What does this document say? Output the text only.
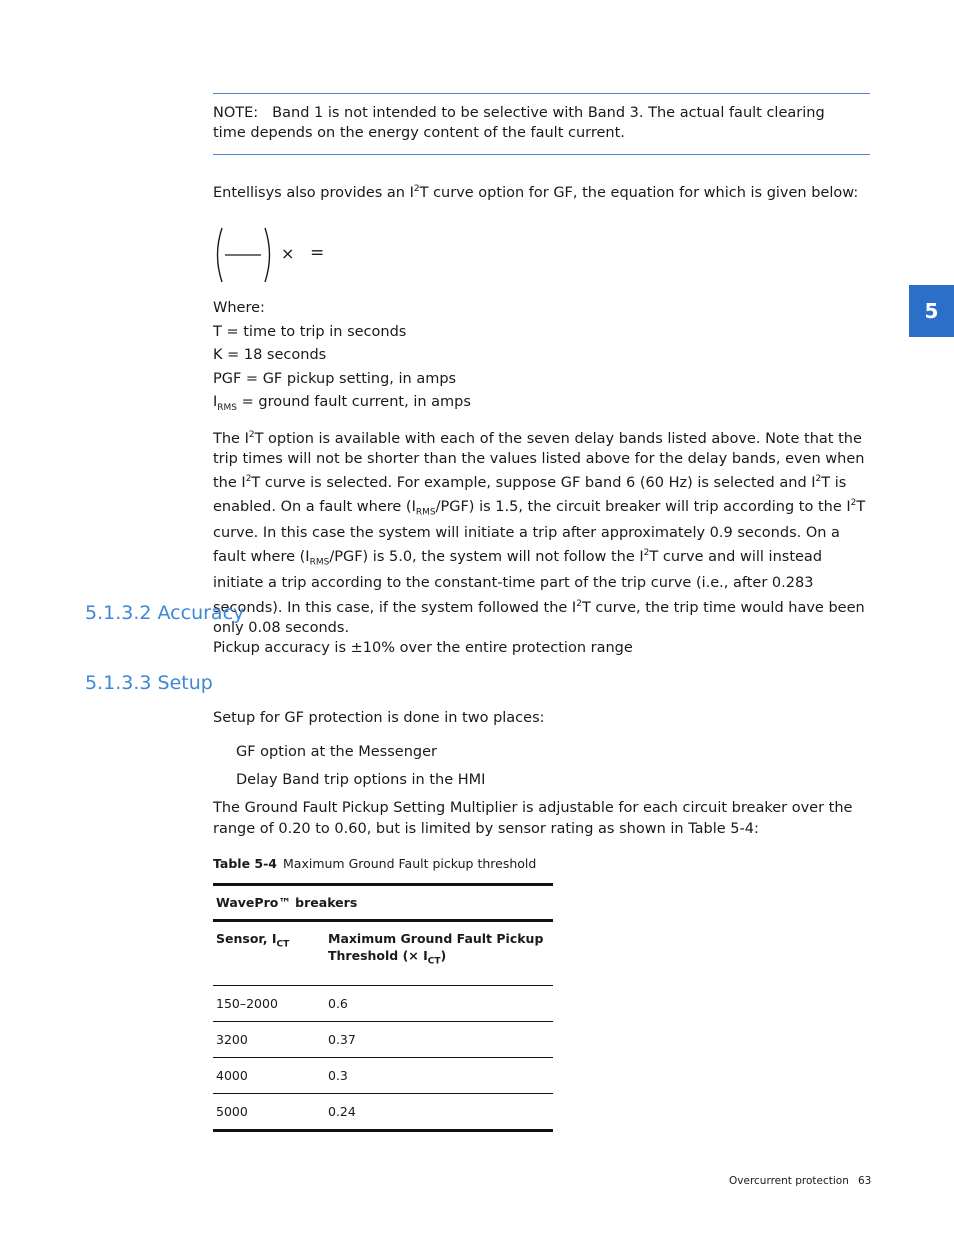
NOTE: Band 1 is not intended to be selective with Band 3. The actual fault clearing time depends on the energy content of the fault current.
Entellisys also provides an $I^2T$ curve option for GF, the equation for which is given below:
× =
Where:
T = time to trip in seconds
K = 18 seconds
PGF = GF pickup setting, in amps
$I_{RMS}$ = ground fault current, in amps
The $I^2T$ option is available with each of the seven delay bands listed above. Note that the trip times will not be shorter than the values listed above for the delay bands, even when the $I^2T$ curve is selected. For example, suppose GF band 6 (60 Hz) is selected and $I^2T$ is enabled. On a fault where $(I_{RMS}/PGF)$ is 1.5, the circuit breaker will trip according to the $I^2T$ curve. In this case the system will initiate a trip after approximately 0.9 seconds. On a fault where $(I_{RMS}/PGF)$ is 5.0, the system will not follow the $I^2T$ curve and will instead initiate a trip according to the constant-time part of the trip curve (i.e., after 0.283 seconds). In this case, if the system followed the $I^2T$ curve, the trip time would have been only 0.08 seconds.
5.1.3.2 Accuracy
Pickup accuracy is ±10% over the entire protection range
5.1.3.3 Setup
Setup for GF protection is done in two places:
GF option at the Messenger
Delay Band trip options in the HMI
The Ground Fault Pickup Setting Multiplier is adjustable for each circuit breaker over the range of 0.20 to 0.60, but is limited by sensor rating as shown in Table 5-4:
Table 5-4 Maximum Ground Fault pickup threshold

WavePro™ breakers	
Sensor, $I_{CT}$	Maximum Ground Fault Pickup
Threshold (× $I_{CT}$)
150–2000	0.6
3200	0.37
4000	0.3
5000	0.24
5
Overcurrent protection 63
